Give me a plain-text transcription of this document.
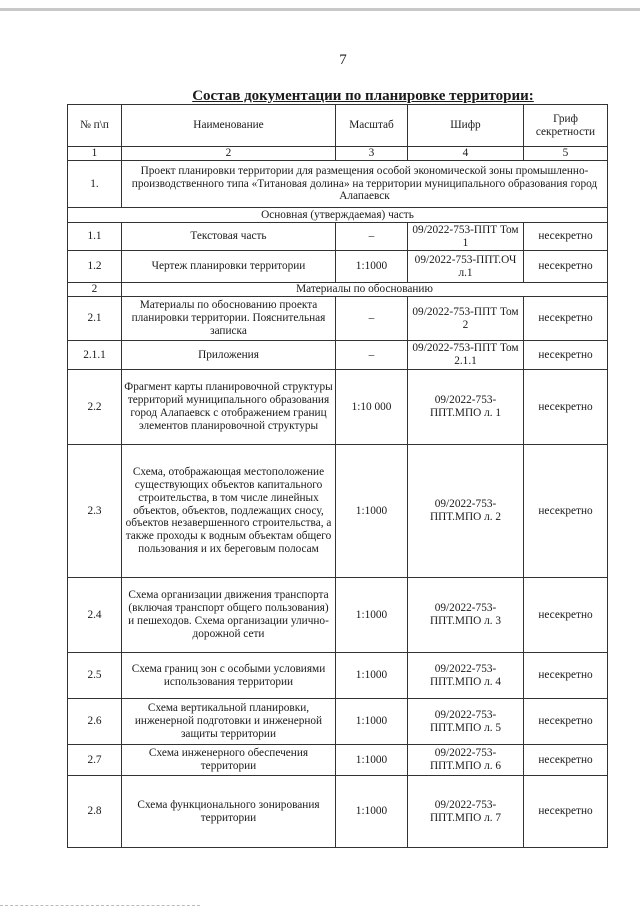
7
Состав документации по планировке территории:
№ п\п	Наименование	Масштаб	Шифр	Гриф секретности
1	2	3	4	5
1.	Проект планировки территории для размещения особой экономической зоны промышленно-производственного типа «Титановая долина» на территории муниципального образования город Алапаевск			
Основная (утверждаемая) часть				
1.1	Текстовая часть	–	09/2022-753-ППТ Том 1	несекретно
1.2	Чертеж планировки территории	1:1000	09/2022-753-ППТ.ОЧ л.1	несекретно
2	Материалы по обоснованию			
2.1	Материалы по обоснованию проекта планировки территории. Пояснительная записка	–	09/2022-753-ППТ Том 2	несекретно
2.1.1	Приложения	–	09/2022-753-ППТ Том 2.1.1	несекретно
2.2	Фрагмент карты планировочной структуры территорий муниципального образования город Алапаевск с отображением границ элементов планировочной структуры	1:10 000	09/2022-753-ППТ.МПО л. 1	несекретно
2.3	Схема, отображающая местоположение существующих объектов капитального строительства, в том числе линейных объектов, объектов, подлежащих сносу, объектов незавершенного строительства, а также проходы к водным объектам общего пользования и их береговым полосам	1:1000	09/2022-753-ППТ.МПО л. 2	несекретно
2.4	Схема организации движения транспорта (включая транспорт общего пользования) и пешеходов. Схема организации улично-дорожной сети	1:1000	09/2022-753-ППТ.МПО л. 3	несекретно
2.5	Схема границ зон с особыми условиями использования территории	1:1000	09/2022-753-ППТ.МПО л. 4	несекретно
2.6	Схема вертикальной планировки, инженерной подготовки и инженерной защиты территории	1:1000	09/2022-753-ППТ.МПО л. 5	несекретно
2.7	Схема инженерного обеспечения территории	1:1000	09/2022-753-ППТ.МПО л. 6	несекретно
2.8	Схема функционального зонирования территории	1:1000	09/2022-753-ППТ.МПО л. 7	несекретно
